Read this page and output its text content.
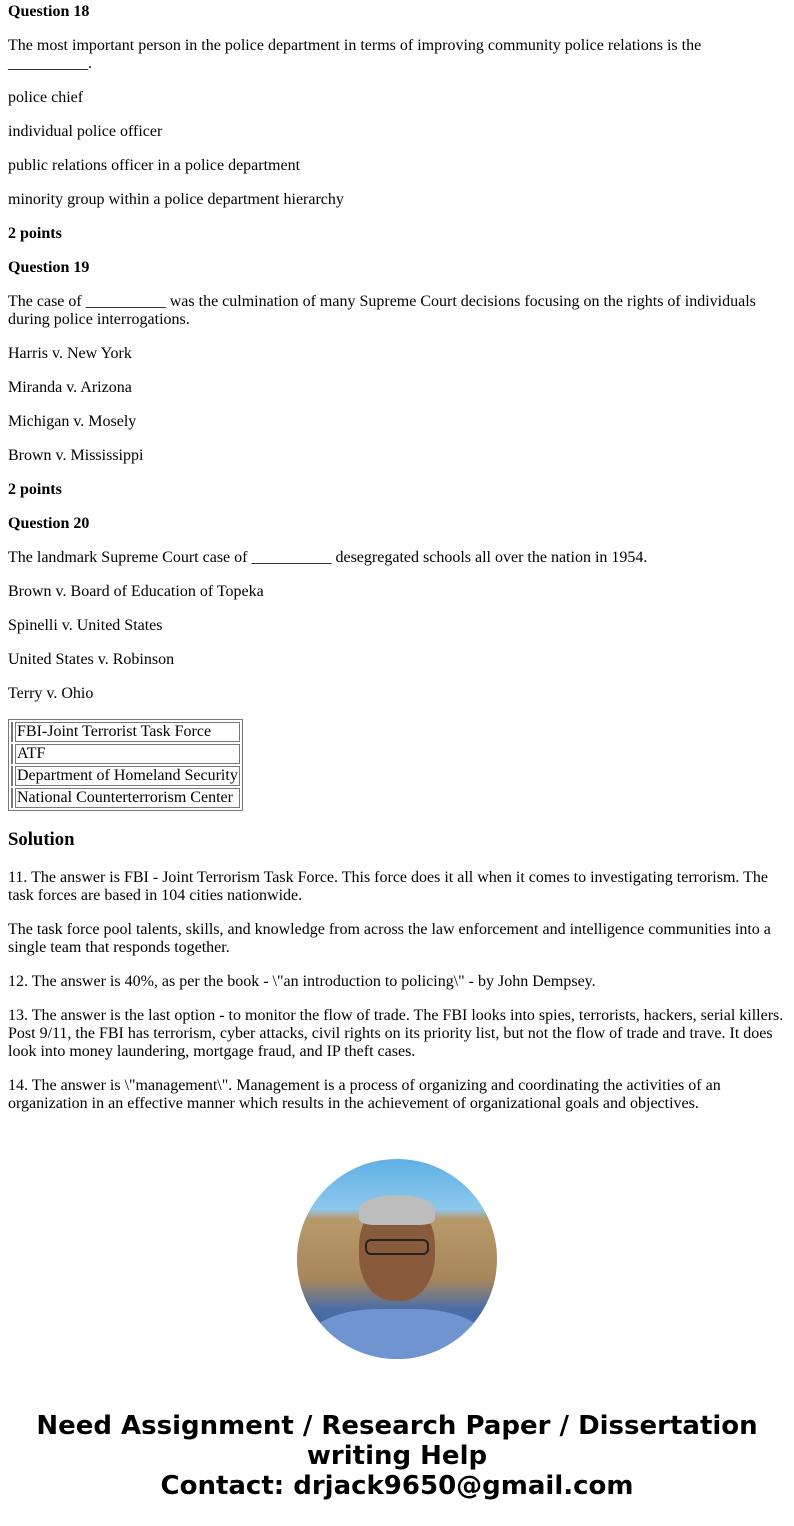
Question 18

The most important person in the police department in terms of improving community police relations is the __________.

police chief

individual police officer

public relations officer in a police department

minority group within a police department hierarchy

2 points

Question 19

The case of __________ was the culmination of many Supreme Court decisions focusing on the rights of individuals during police interrogations.

Harris v. New York

Miranda v. Arizona

Michigan v. Mosely

Brown v. Mississippi

2 points

Question 20

The landmark Supreme Court case of __________ desegregated schools all over the nation in 1954.

Brown v. Board of Education of Topeka

Spinelli v. United States

United States v. Robinson

Terry v. Ohio

	FBI-Joint Terrorist Task Force
	ATF
	Department of Homeland Security
	National Counterterrorism Center
Solution

11. The answer is FBI - Joint Terrorism Task Force. This force does it all when it comes to investigating terrorism. The task forces are based in 104 cities nationwide.

The task force pool talents, skills, and knowledge from across the law enforcement and intelligence communities into a single team that responds together.

12. The answer is 40%, as per the book - \"an introduction to policing\" - by John Dempsey.

13. The answer is the last option - to monitor the flow of trade. The FBI looks into spies, terrorists, hackers, serial killers. Post 9/11, the FBI has terrorism, cyber attacks, civil rights on its priority list, but not the flow of trade and trave. It does look into money laundering, mortgage fraud, and IP theft cases.

14. The answer is \"management\". Management is a process of organizing and coordinating the activities of an organization in an effective manner which results in the achievement of organizational goals and objectives.

Need Assignment / Research Paper / Dissertation writing Help
Contact: drjack9650@gmail.com
